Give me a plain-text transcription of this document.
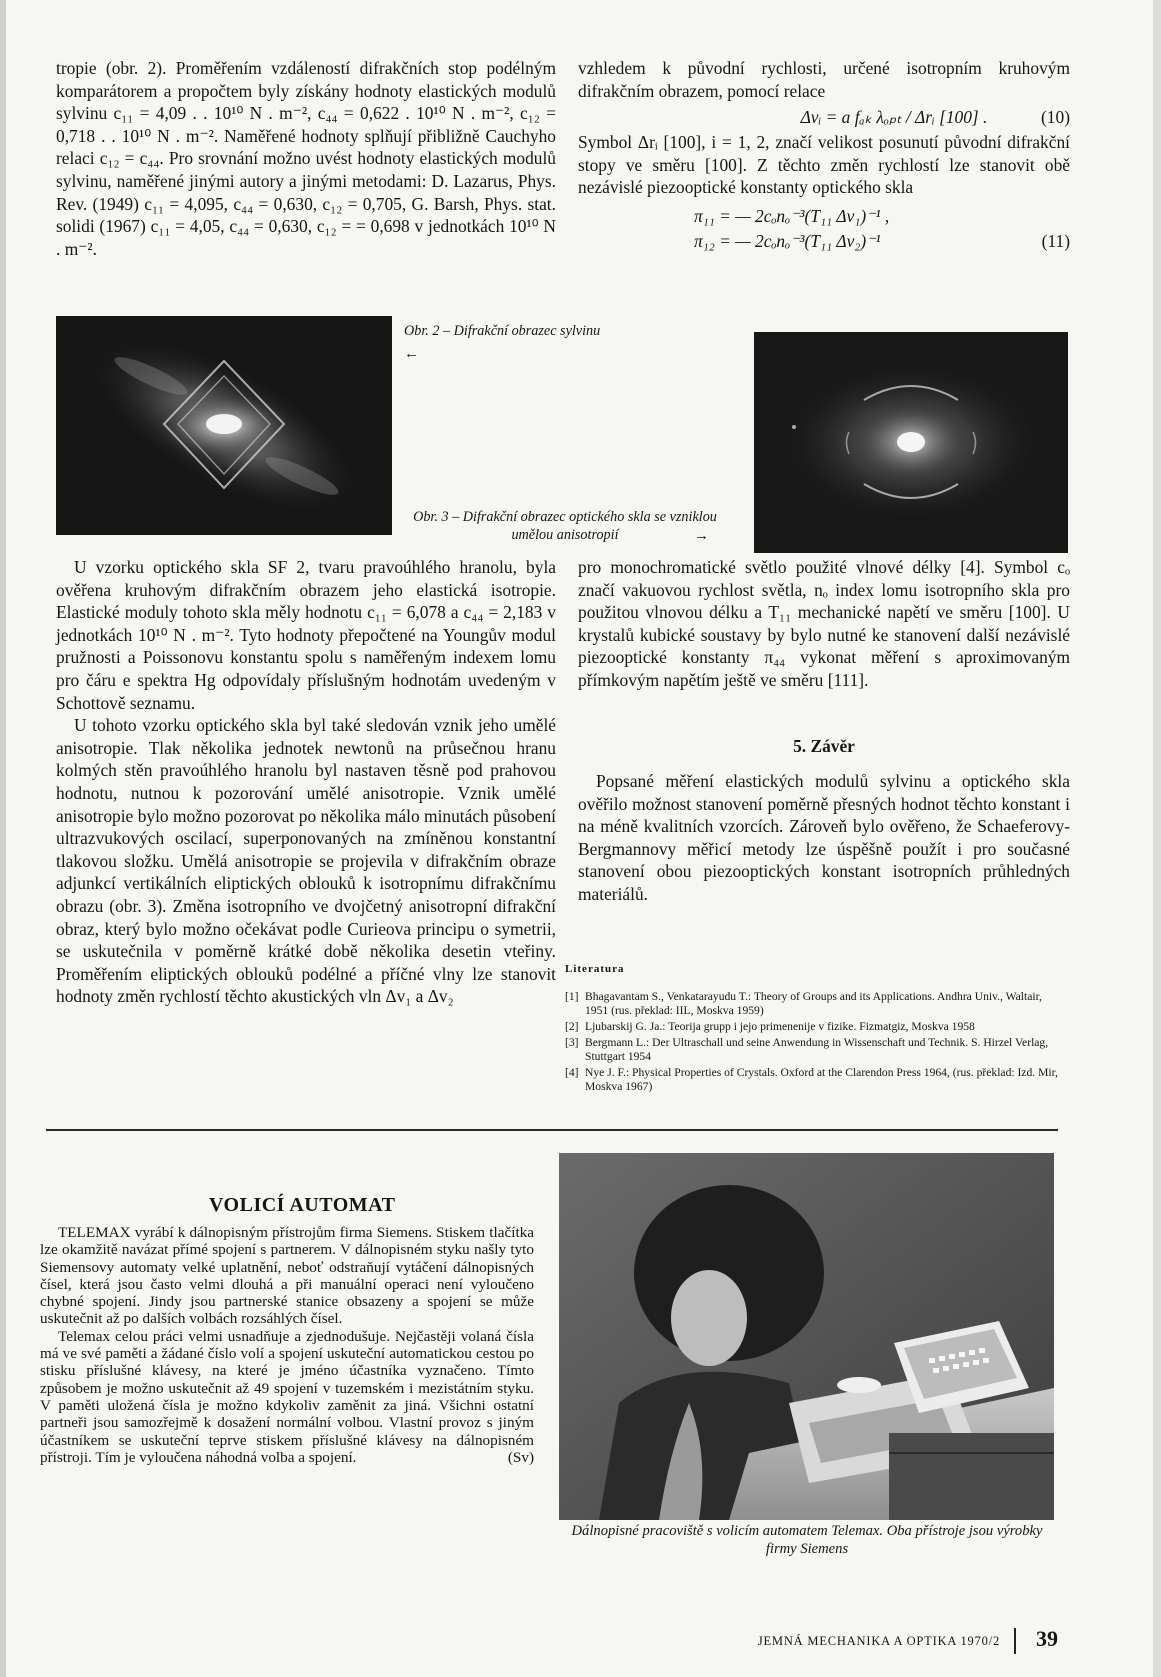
tropie (obr. 2). Proměřením vzdáleností difrakčních stop podélným komparátorem a propočtem byly získány hodnoty elastických modulů sylvinu c₁₁ = 4,09 . . 10¹⁰ N . m⁻², c₄₄ = 0,622 . 10¹⁰ N . m⁻², c₁₂ = 0,718 . . 10¹⁰ N . m⁻². Naměřené hodnoty splňují přibližně Cauchyho relaci c₁₂ = c₄₄. Pro srovnání možno uvést hodnoty elastických modulů sylvinu, naměřené jinými autory a jinými metodami: D. Lazarus, Phys. Rev. (1949) c₁₁ = 4,095, c₄₄ = 0,630, c₁₂ = 0,705, G. Barsh, Phys. stat. solidi (1967) c₁₁ = 4,05, c₄₄ = 0,630, c₁₂ = = 0,698 v jednotkách 10¹⁰ N . m⁻².

vzhledem k původní rychlosti, určené isotropním kruhovým difrakčním obrazem, pomocí relace

Δvᵢ = a fₐₖ λₒₚₜ / Δrᵢ [100] .	(10)

Symbol Δrᵢ [100], i = 1, 2, značí velikost posunutí původní difrakční stopy ve směru [100]. Z těchto změn rychlostí lze stanovit obě nezávislé piezooptické konstanty optického skla

π₁₁ = — 2cₒnₒ⁻³(T₁₁ Δv₁)⁻¹ ,
π₁₂ = — 2cₒnₒ⁻³(T₁₁ Δv₂)⁻¹	(11)
Obr. 2 – Difrakční obrazec sylvinu
←
Obr. 3 – Difrakční obrazec optického skla se vzniklou umělou anisotropií	→

U vzorku optického skla SF 2, tvaru pravoúhlého hranolu, byla ověřena kruhovým difrakčním obrazem jeho elastická isotropie. Elastické moduly tohoto skla měly hodnotu c₁₁ = 6,078 a c₄₄ = 2,183 v jednotkách 10¹⁰ N . m⁻². Tyto hodnoty přepočtené na Youngův modul pružnosti a Poissonovu konstantu spolu s naměřeným indexem lomu pro čáru e spektra Hg odpovídaly příslušným hodnotám uvedeným v Schottově seznamu.

U tohoto vzorku optického skla byl také sledován vznik jeho umělé anisotropie. Tlak několika jednotek newtonů na průsečnou hranu kolmých stěn pravoúhlého hranolu byl nastaven těsně pod prahovou hodnotu, nutnou k pozorování umělé anisotropie. Vznik umělé anisotropie bylo možno pozorovat po několika málo minutách působení ultrazvukových oscilací, superponovaných na zmíněnou konstantní tlakovou složku. Umělá anisotropie se projevila v difrakčním obraze adjunkcí vertikálních eliptických oblouků k isotropnímu difrakčnímu obrazu (obr. 3). Změna isotropního ve dvojčetný anisotropní difrakční obraz, který bylo možno očekávat podle Curieova principu o symetrii, se uskutečnila v poměrně krátké době několika desetin vteřiny. Proměřením eliptických oblouků podélné a příčné vlny lze stanovit hodnoty změn rychlostí těchto akustických vln Δv₁ a Δv₂

pro monochromatické světlo použité vlnové délky [4]. Symbol cₒ značí vakuovou rychlost světla, nₒ index lomu isotropního skla pro použitou vlnovou délku a T₁₁ mechanické napětí ve směru [100]. U krystalů kubické soustavy by bylo nutné ke stanovení další nezávislé piezooptické konstanty π₄₄ vykonat měření s aproximovaným přímkovým napětím ještě ve směru [111].

5. Závěr

Popsané měření elastických modulů sylvinu a optického skla ověřilo možnost stanovení poměrně přesných hodnot těchto konstant i na méně kvalitních vzorcích. Zároveň bylo ověřeno, že Schaeferovy-Bergmannovy měřicí metody lze úspěšně použít i pro současné stanovení obou piezooptických konstant isotropních průhledných materiálů.

Literatura
[1] Bhagavantam S., Venkatarayudu T.: Theory of Groups and its Applications. Andhra Univ., Waltair, 1951 (rus. překlad: IIL, Moskva 1959)
[2] Ljubarskij G. Ja.: Teorija grupp i jejo primenenije v fizike. Fizmatgiz, Moskva 1958
[3] Bergmann L.: Der Ultraschall und seine Anwendung in Wissenschaft und Technik. S. Hirzel Verlag, Stuttgart 1954
[4] Nye J. F.: Physical Properties of Crystals. Oxford at the Clarendon Press 1964, (rus. překlad: Izd. Mir, Moskva 1967)
VOLICÍ AUTOMAT

TELEMAX vyrábí k dálnopisným přístrojům firma Siemens. Stiskem tlačítka lze okamžitě navázat přímé spojení s partnerem. V dálnopisném styku našly tyto Siemensovy automaty velké uplatnění, neboť odstraňují vytáčení dálnopisných čísel, která jsou často velmi dlouhá a při manuální operaci není vyloučeno chybné spojení. Jindy jsou partnerské stanice obsazeny a spojení se může uskutečnit až po dalších volbách rozsáhlých čísel.

Telemax celou práci velmi usnadňuje a zjednodušuje. Nejčastěji volaná čísla má ve své paměti a žádané číslo volí a spojení uskuteční automatickou cestou po stisku příslušné klávesy, na které je jméno účastníka vyznačeno. Tímto způsobem je možno uskutečnit až 49 spojení v tuzemském i mezistátním styku. V paměti uložená čísla je možno kdykoliv zaměnit za jiná. Všichni ostatní partneři jsou samozřejmě k dosažení normální volbou. Vlastní provoz s jiným účastníkem se uskuteční teprve stiskem příslušné klávesy na dálnopisném přístroji. Tím je vyloučena náhodná volba a spojení.	(Sv)

Dálnopisné pracoviště s volicím automatem Telemax. Oba přístroje jsou výrobky firmy Siemens
JEMNÁ MECHANIKA A OPTIKA 1970/2 39
